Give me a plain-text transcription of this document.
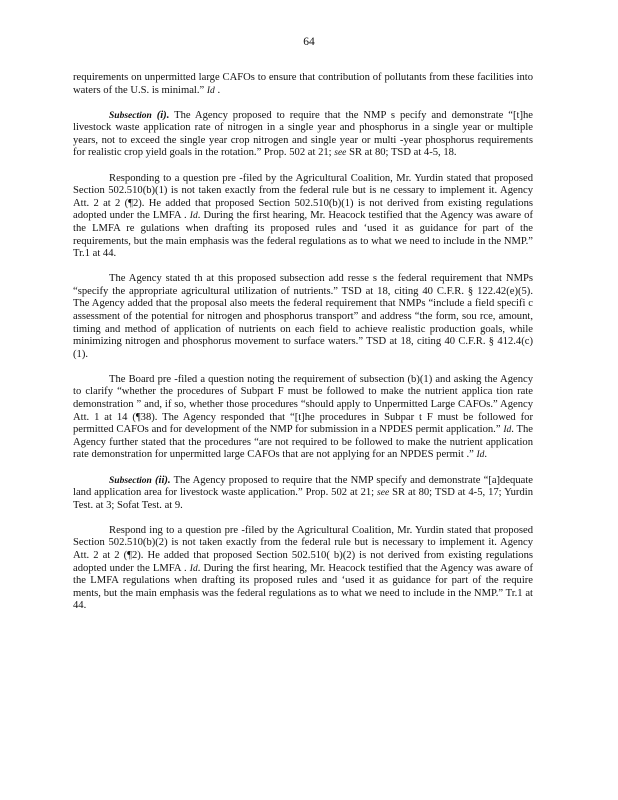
64

requirements on unpermitted large CAFOs to ensure that contribution of pollutants from these facilities into waters of the U.S. is minimal.” Id .

Subsection (i). The Agency proposed to require that the NMP s pecify and demonstrate “[t]he livestock waste application rate of nitrogen in a single year and phosphorus in a single year or multiple years, not to exceed the single year crop nitrogen and single year or multi -year phosphorus requirements for realistic crop yield goals in the rotation.” Prop. 502 at 21; see SR at 80; TSD at 4-5, 18.

Responding to a question pre -filed by the Agricultural Coalition, Mr. Yurdin stated that proposed Section 502.510(b)(1) is not taken exactly from the federal rule but is ne cessary to implement it. Agency Att. 2 at 2 (¶2). He added that proposed Section 502.510(b)(1) is not derived from existing regulations adopted under the LMFA . Id. During the first hearing, Mr. Heacock testified that the Agency was aware of the LMFA re gulations when drafting its proposed rules and ‘used it as guidance for part of the requirements, but the main emphasis was the federal regulations as to what we need to include in the NMP.” Tr.1 at 44.

The Agency stated th at this proposed subsection add resse s the federal requirement that NMPs “specify the appropriate agricultural utilization of nutrients.” TSD at 18, citing 40 C.F.R. § 122.42(e)(5). The Agency added that the proposal also meets the federal requirement that NMPs “include a field specifi c assessment of the potential for nitrogen and phosphorus transport” and address “the form, sou rce, amount, timing and method of application of nutrients on each field to achieve realistic production goals, while minimizing nitrogen and phosphorus movement to surface waters.” TSD at 18, citing 40 C.F.R. § 412.4(c)(1).

The Board pre -filed a question noting the requirement of subsection (b)(1) and asking the Agency to clarify “whether the procedures of Subpart F must be followed to make the nutrient applica tion rate demonstration ” and, if so, whether those procedures “should apply to Unpermitted Large CAFOs.” Agency Att. 1 at 14 (¶38). The Agency responded that “[t]he procedures in Subpar t F must be followed for permitted CAFOs and for development of the NMP for submission in a NPDES permit application.” Id. The Agency further stated that the procedures “are not required to be followed to make the nutrient application rate demonstration for unpermitted large CAFOs that are not applying for an NPDES permit .” Id.

Subsection (ii). The Agency proposed to require that the NMP specify and demonstrate “[a]dequate land application area for livestock waste application.” Prop. 502 at 21; see SR at 80; TSD at 4-5, 17; Yurdin Test. at 3; Sofat Test. at 9.

Respond ing to a question pre -filed by the Agricultural Coalition, Mr. Yurdin stated that proposed Section 502.510(b)(2) is not taken exactly from the federal rule but is necessary to implement it. Agency Att. 2 at 2 (¶2). He added that proposed Section 502.510( b)(2) is not derived from existing regulations adopted under the LMFA . Id. During the first hearing, Mr. Heacock testified that the Agency was aware of the LMFA regulations when drafting its proposed rules and ‘used it as guidance for part of the require ments, but the main emphasis was the federal regulations as to what we need to include in the NMP.” Tr.1 at 44.
